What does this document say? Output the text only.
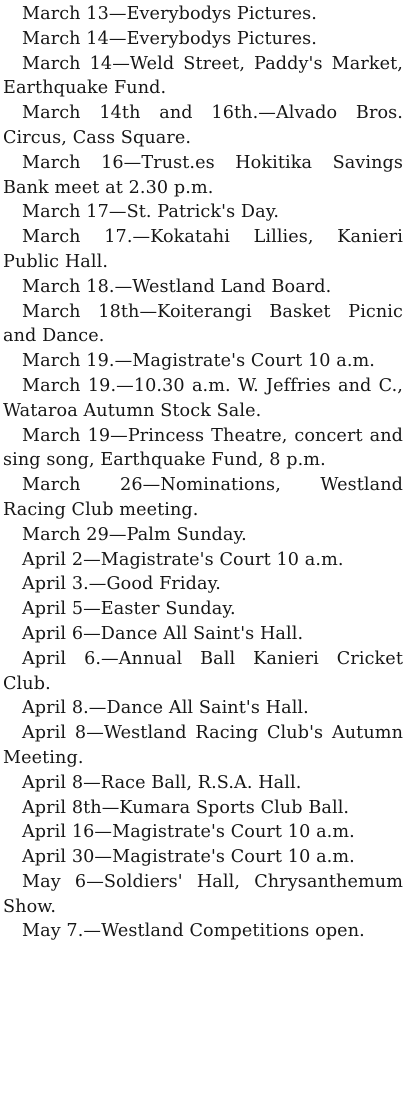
March 13—Everybodys Pictures.

March 14—Everybodys Pictures.

March 14—Weld Street, Paddy's Market, Earthquake Fund.

March 14th and 16th.—Alvado Bros. Circus, Cass Square.

March 16—Trust.es Hokitika Savings Bank meet at 2.30 p.m.

March 17—St. Patrick's Day.

March 17.—Kokatahi Lillies, Kanieri Public Hall.

March 18.—Westland Land Board.

March 18th—Koiterangi Basket Picnic and Dance.

March 19.—Magistrate's Court 10 a.m.

March 19.—10.30 a.m. W. Jeffries and C., Wataroa Autumn Stock Sale.

March 19—Princess Theatre, concert and sing song, Earthquake Fund, 8 p.m.

March 26—Nominations, Westland Racing Club meeting.

March 29—Palm Sunday.

April 2—Magistrate's Court 10 a.m.

April 3.—Good Friday.

April 5—Easter Sunday.

April 6—Dance All Saint's Hall.

April 6.—Annual Ball Kanieri Cricket Club.

April 8.—Dance All Saint's Hall.

April 8—Westland Racing Club's Autumn Meeting.

April 8—Race Ball, R.S.A. Hall.

April 8th—Kumara Sports Club Ball.

April 16—Magistrate's Court 10 a.m.

April 30—Magistrate's Court 10 a.m.

May 6—Soldiers' Hall, Chrysanthemum Show.

May 7.—Westland Competitions open.
